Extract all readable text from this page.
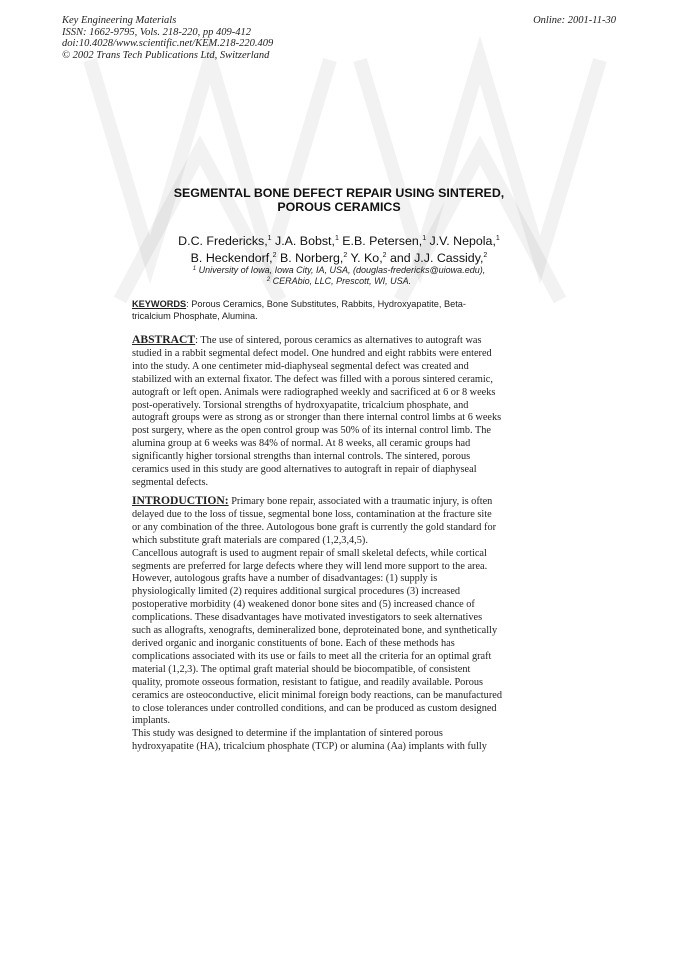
Key Engineering Materials
ISSN: 1662-9795, Vols. 218-220, pp 409-412
doi:10.4028/www.scientific.net/KEM.218-220.409
© 2002 Trans Tech Publications Ltd, Switzerland
Online: 2001-11-30
SEGMENTAL BONE DEFECT REPAIR USING SINTERED,
POROUS CERAMICS
D.C. Fredericks,$^1$ J.A. Bobst,$^1$ E.B. Petersen,$^1$ J.V. Nepola,$^1$
B. Heckendorf,$^2$ B. Norberg,$^2$ Y. Ko,$^2$ and J.J. Cassidy,$^2$
$^1$ University of Iowa, Iowa City, IA, USA, (douglas-fredericks@uiowa.edu),
$^2$ CERAbio, LLC, Prescott, WI, USA.
KEYWORDS: Porous Ceramics, Bone Substitutes, Rabbits, Hydroxyapatite, Beta-
tricalcium Phosphate, Alumina.
ABSTRACT: The use of sintered, porous ceramics as alternatives to autograft was
studied in a rabbit segmental defect model. One hundred and eight rabbits were entered
into the study. A one centimeter mid-diaphyseal segmental defect was created and
stabilized with an external fixator. The defect was filled with a porous sintered ceramic,
autograft or left open. Animals were radiographed weekly and sacrificed at 6 or 8 weeks
post-operatively. Torsional strengths of hydroxyapatite, tricalcium phosphate, and
autograft groups were as strong as or stronger than there internal control limbs at 6 weeks
post surgery, where as the open control group was 50% of its internal control limb. The
alumina group at 6 weeks was 84% of normal. At 8 weeks, all ceramic groups had
significantly higher torsional strengths than internal controls. The sintered, porous
ceramics used in this study are good alternatives to autograft in repair of diaphyseal
segmental defects.
INTRODUCTION: Primary bone repair, associated with a traumatic injury, is often
delayed due to the loss of tissue, segmental bone loss, contamination at the fracture site
or any combination of the three. Autologous bone graft is currently the gold standard for
which substitute graft materials are compared (1,2,3,4,5).
Cancellous autograft is used to augment repair of small skeletal defects, while cortical
segments are preferred for large defects where they will lend more support to the area.
However, autologous grafts have a number of disadvantages: (1) supply is
physiologically limited (2) requires additional surgical procedures (3) increased
postoperative morbidity (4) weakened donor bone sites and (5) increased chance of
complications. These disadvantages have motivated investigators to seek alternatives
such as allografts, xenografts, demineralized bone, deproteinated bone, and synthetically
derived organic and inorganic constituents of bone. Each of these methods has
complications associated with its use or fails to meet all the criteria for an optimal graft
material (1,2,3). The optimal graft material should be biocompatible, of consistent
quality, promote osseous formation, resistant to fatigue, and readily available. Porous
ceramics are osteoconductive, elicit minimal foreign body reactions, can be manufactured
to close tolerances under controlled conditions, and can be produced as custom designed
implants.
This study was designed to determine if the implantation of sintered porous
hydroxyapatite (HA), tricalcium phosphate (TCP) or alumina (Aa) implants with fully
